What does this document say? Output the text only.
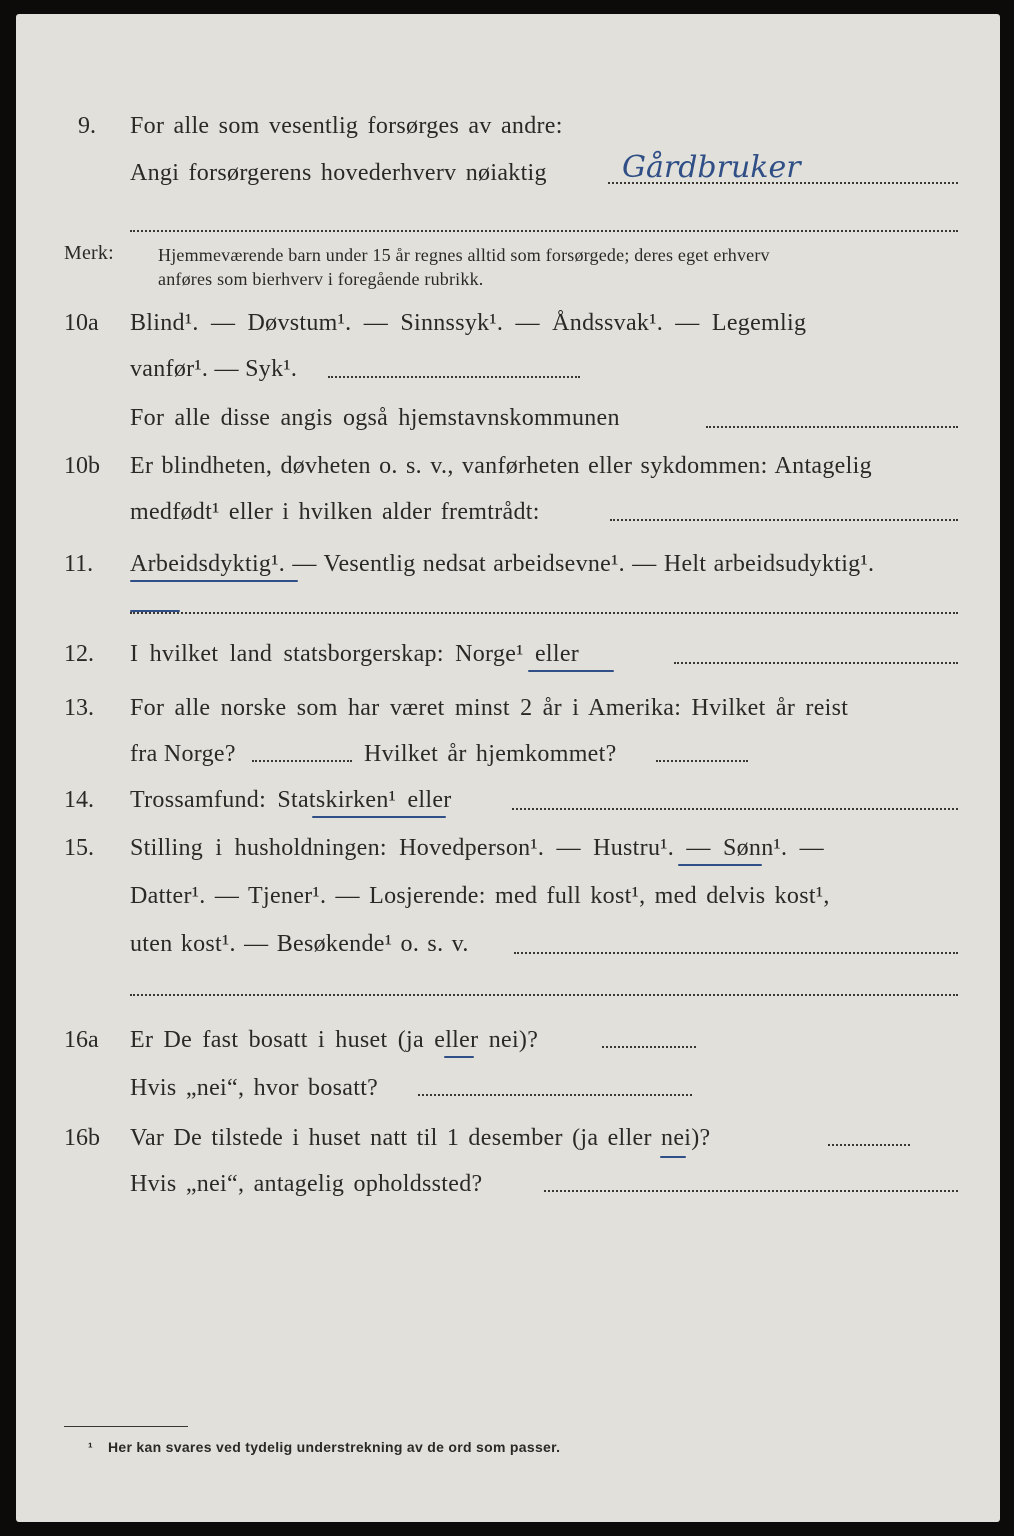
9. For alle som vesentlig forsørges av andre:
Angi forsørgerens hovederhverv nøiaktig	Gårdbruker
Merk: Hjemmeværende barn under 15 år regnes alltid som forsørgede; deres eget erhverv
anføres som bierhverv i foregående rubrikk.
10a Blind¹. — Døvstum¹. — Sinnssyk¹. — Åndssvak¹. — Legemlig
vanfør¹. — Syk¹.
For alle disse angis også hjemstavnskommunen
10b Er blindheten, døvheten o. s. v., vanførheten eller sykdommen: Antagelig
medfødt¹ eller i hvilken alder fremtrådt:
11. Arbeidsdyktig¹. — Vesentlig nedsat arbeidsevne¹. — Helt arbeidsudyktig¹.
12. I hvilket land statsborgerskap: Norge¹ eller
13. For alle norske som har været minst 2 år i Amerika: Hvilket år reist
fra Norge?	Hvilket år hjemkommet?
14. Trossamfund: Statskirken¹ eller
15. Stilling i husholdningen: Hovedperson¹. — Hustru¹. — Sønn¹. —
Datter¹. — Tjener¹. — Losjerende: med full kost¹, med delvis kost¹,
uten kost¹. — Besøkende¹ o. s. v.
16a Er De fast bosatt i huset (ja eller nei)?
Hvis „nei“, hvor bosatt?
16b Var De tilstede i huset natt til 1 desember (ja eller nei)?
Hvis „nei“, antagelig opholdssted?
¹ Her kan svares ved tydelig understrekning av de ord som passer.
